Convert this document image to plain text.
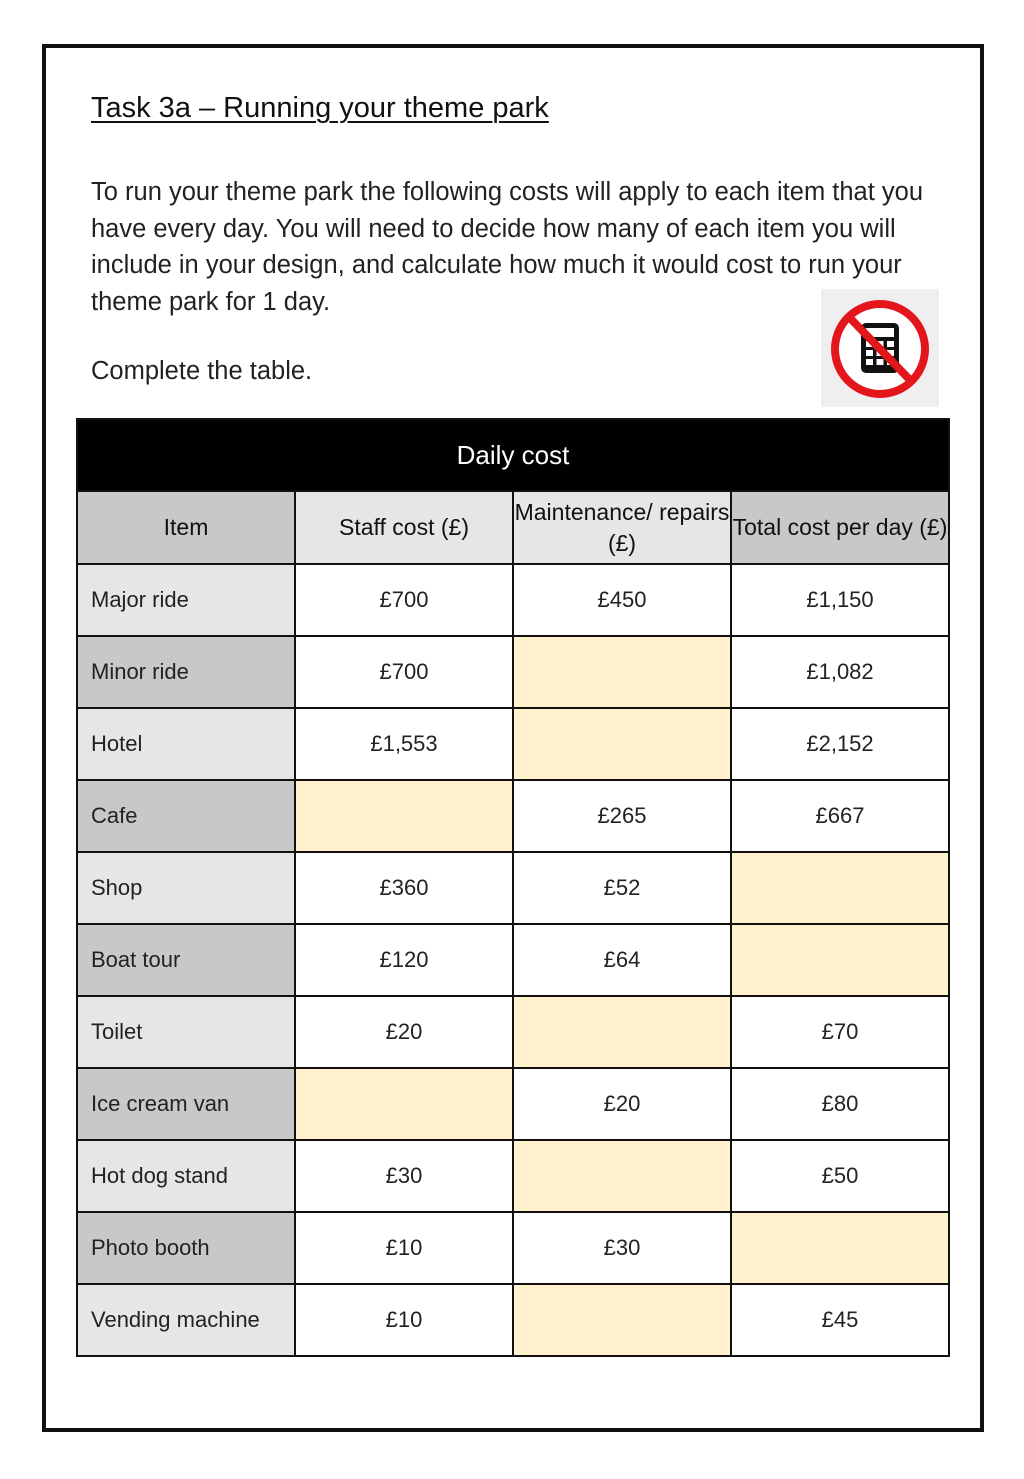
Task 3a – Running your theme park

To run your theme park the following costs will apply to each item that you have every day. You will need to decide how many of each item you will include in your design, and calculate how much it would cost to run your theme park for 1 day.

Complete the table.

Daily cost			
Item	Staff cost (£)	Maintenance/ repairs (£)	Total cost per day (£)
Major ride	£700	£450	£1,150
Minor ride	£700		£1,082
Hotel	£1,553		£2,152
Cafe		£265	£667
Shop	£360	£52	
Boat tour	£120	£64	
Toilet	£20		£70
Ice cream van		£20	£80
Hot dog stand	£30		£50
Photo booth	£10	£30	
Vending machine	£10		£45
